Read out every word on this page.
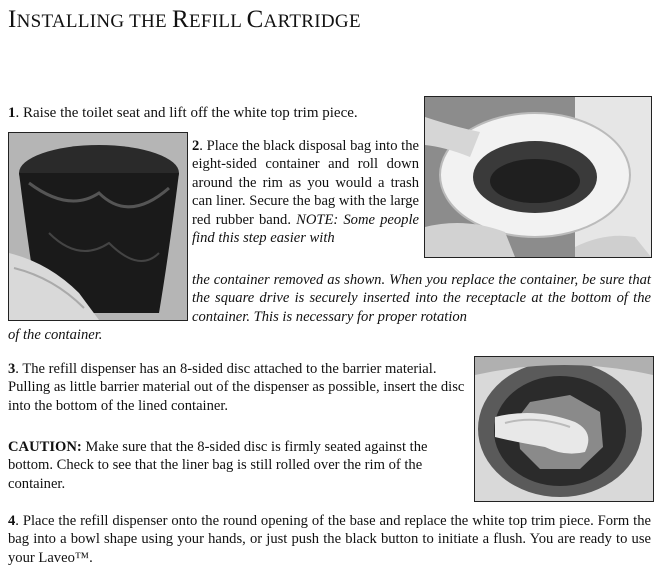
INSTALLING THE REFILL CARTRIDGE

1. Raise the toilet seat and lift off the white top trim piece.

2. Place the black disposal bag into the eight-sided container and roll down around the rim as you would a trash can liner. Secure the bag with the large red rubber band. NOTE: Some people find this step easier with

the container removed as shown. When you replace the container, be sure that the square drive is securely inserted into the receptacle at the bottom of the container. This is necessary for proper rotation

of the container.

3. The refill dispenser has an 8-sided disc attached to the barrier material. Pulling as little barrier material out of the dispenser as possible, insert the disc into the bottom of the lined container.

CAUTION: Make sure that the 8-sided disc is firmly seated against the bottom. Check to see that the liner bag is still rolled over the rim of the container.

4. Place the refill dispenser onto the round opening of the base and replace the white top trim piece. Form the bag into a bowl shape using your hands, or just push the black button to initiate a flush. You are ready to use your Laveo™.
